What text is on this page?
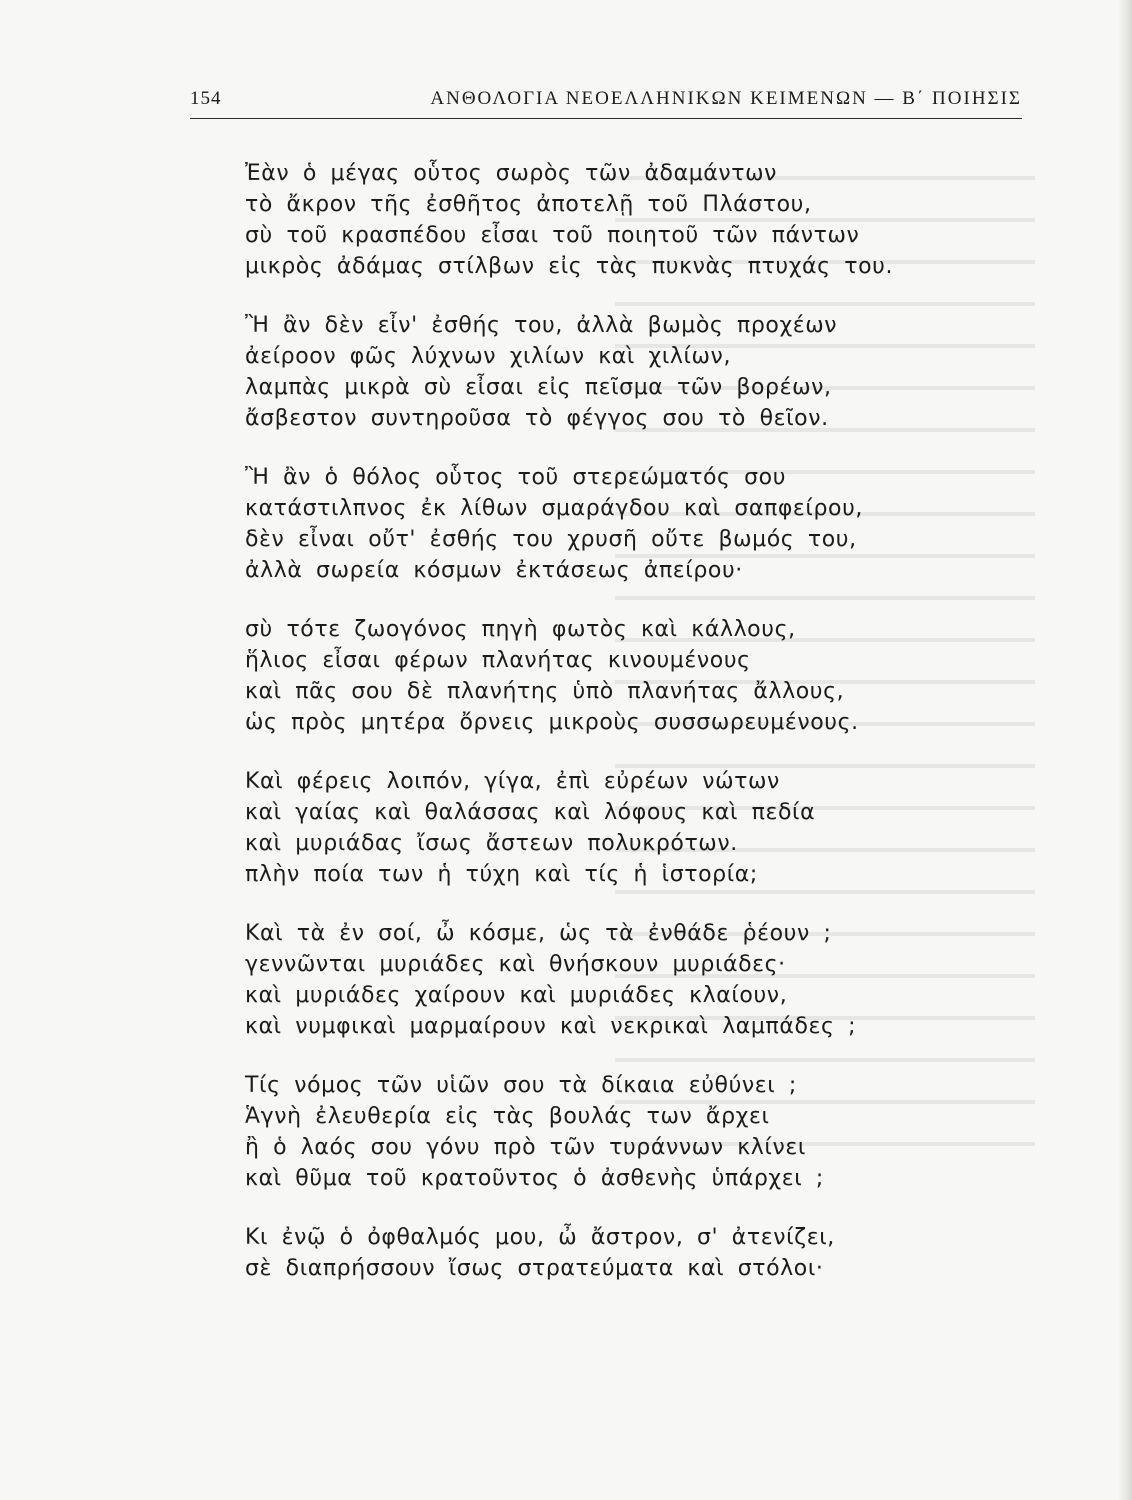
154	ΑΝΘΟΛΟΓΙΑ ΝΕΟΕΛΛΗΝΙΚΩΝ ΚΕΙΜΕΝΩΝ — Β΄ ΠΟΙΗΣΙΣ
Ἐὰν ὁ μέγας οὗτος σωρὸς τῶν ἀδαμάντων
τὸ ἄκρον τῆς ἐσθῆτος ἀποτελῇ τοῦ Πλάστου,
σὺ τοῦ κρασπέδου εἶσαι τοῦ ποιητοῦ τῶν πάντων
μικρὸς ἀδάμας στίλβων εἰς τὰς πυκνὰς πτυχάς του.
Ἢ ἂν δὲν εἶν' ἐσθής του, ἀλλὰ βωμὸς προχέων
ἀείροον φῶς λύχνων χιλίων καὶ χιλίων,
λαμπὰς μικρὰ σὺ εἶσαι εἰς πεῖσμα τῶν βορέων,
ἄσβεστον συντηροῦσα τὸ φέγγος σου τὸ θεῖον.
Ἢ ἂν ὁ θόλος οὗτος τοῦ στερεώματός σου
κατάστιλπνος ἐκ λίθων σμαράγδου καὶ σαπφείρου,
δὲν εἶναι οὔτ' ἐσθής του χρυσῆ οὔτε βωμός του,
ἀλλὰ σωρεία κόσμων ἐκτάσεως ἀπείρου·
σὺ τότε ζωογόνος πηγὴ φωτὸς καὶ κάλλους,
ἥλιος εἶσαι φέρων πλανήτας κινουμένους
καὶ πᾶς σου δὲ πλανήτης ὑπὸ πλανήτας ἄλλους,
ὡς πρὸς μητέρα ὄρνεις μικροὺς συσσωρευμένους.
Καὶ φέρεις λοιπόν, γίγα, ἐπὶ εὐρέων νώτων
καὶ γαίας καὶ θαλάσσας καὶ λόφους καὶ πεδία
καὶ μυριάδας ἴσως ἄστεων πολυκρότων.
πλὴν ποία των ἡ τύχη καὶ τίς ἡ ἱστορία;
Καὶ τὰ ἐν σοί, ὦ κόσμε, ὡς τὰ ἐνθάδε ῥέουν ;
γεννῶνται μυριάδες καὶ θνήσκουν μυριάδες·
καὶ μυριάδες χαίρουν καὶ μυριάδες κλαίουν,
καὶ νυμφικαὶ μαρμαίρουν καὶ νεκρικαὶ λαμπάδες ;
Τίς νόμος τῶν υἱῶν σου τὰ δίκαια εὐθύνει ;
Ἁγνὴ ἐλευθερία εἰς τὰς βουλάς των ἄρχει
ἢ ὁ λαός σου γόνυ πρὸ τῶν τυράννων κλίνει
καὶ θῦμα τοῦ κρατοῦντος ὁ ἀσθενὴς ὑπάρχει ;
Κι ἐνῷ ὁ ὀφθαλμός μου, ὦ ἄστρον, σ' ἀτενίζει,
σὲ διαπρήσσουν ἴσως στρατεύματα καὶ στόλοι·
